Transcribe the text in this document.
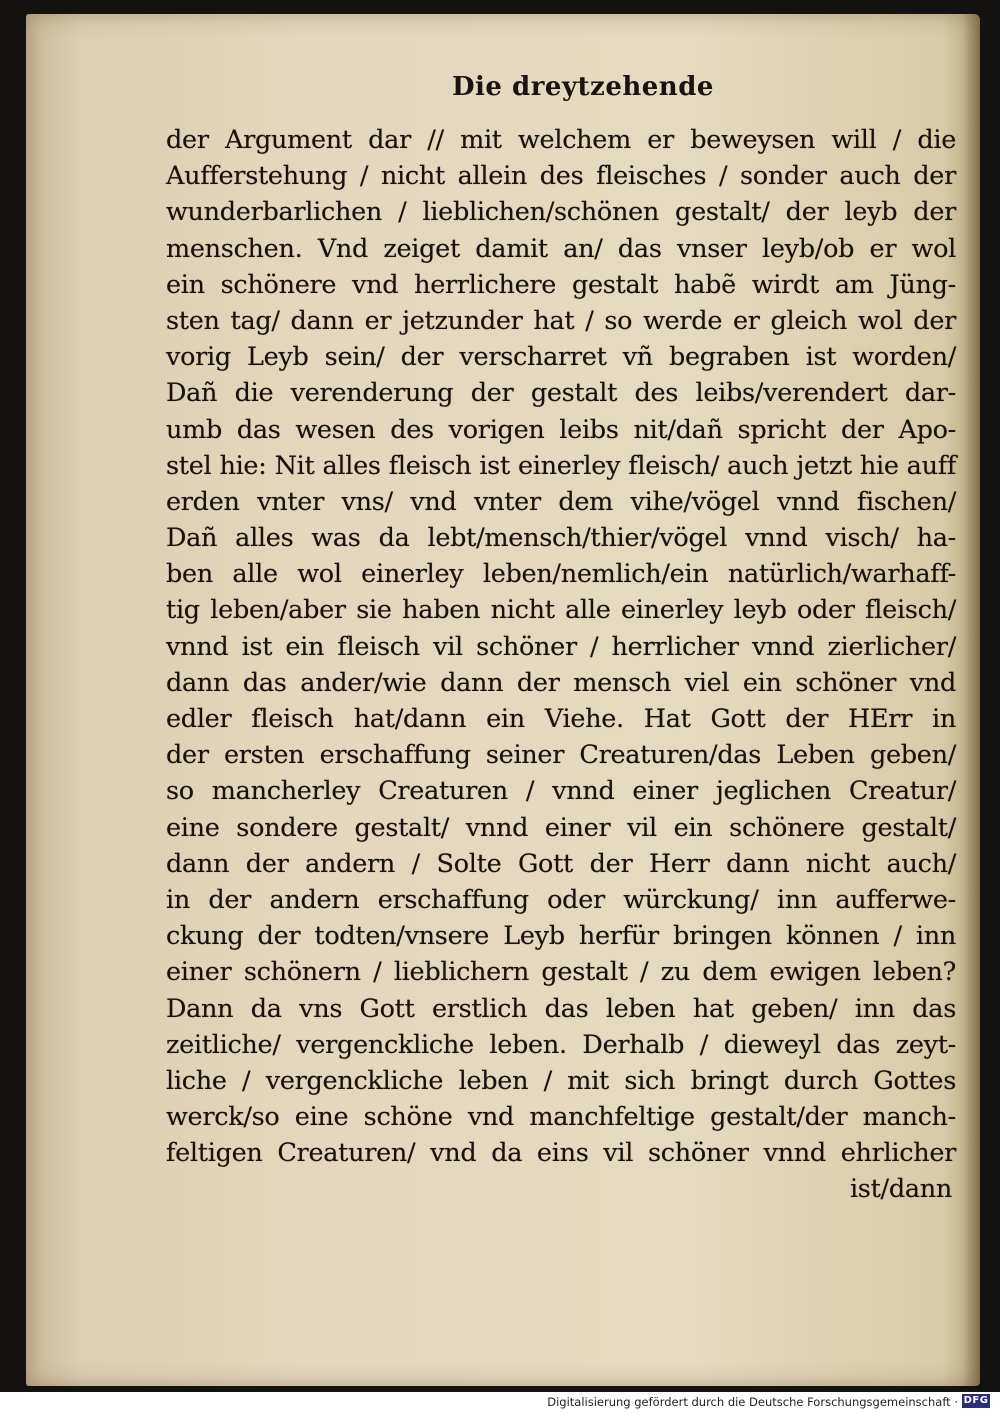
Die dreytzehende
der Argument dar // mit welchem er beweysen will / die
Aufferstehung / nicht allein des fleisches / sonder auch der
wunderbarlichen / lieblichen/schönen gestalt/ der leyb der
menschen. Vnd zeiget damit an/ das vnser leyb/ob er wol
ein schönere vnd herrlichere gestalt habẽ wirdt am Jüng-
sten tag/ dann er jetzunder hat / so werde er gleich wol der
vorig Leyb sein/ der verscharret vñ begraben ist worden/
Dañ die verenderung der gestalt des leibs/verendert dar-
umb das wesen des vorigen leibs nit/dañ spricht der Apo-
stel hie: Nit alles fleisch ist einerley fleisch/ auch jetzt hie auff
erden vnter vns/ vnd vnter dem vihe/vögel vnnd fischen/
Dañ alles was da lebt/mensch/thier/vögel vnnd visch/ ha-
ben alle wol einerley leben/nemlich/ein natürlich/warhaff-
tig leben/aber sie haben nicht alle einerley leyb oder fleisch/
vnnd ist ein fleisch vil schöner / herrlicher vnnd zierlicher/
dann das ander/wie dann der mensch viel ein schöner vnd
edler fleisch hat/dann ein Viehe. Hat Gott der HErr in
der ersten erschaffung seiner Creaturen/das Leben geben/
so mancherley Creaturen / vnnd einer jeglichen Creatur/
eine sondere gestalt/ vnnd einer vil ein schönere gestalt/
dann der andern / Solte Gott der Herr dann nicht auch/
in der andern erschaffung oder würckung/ inn aufferwe-
ckung der todten/vnsere Leyb herfür bringen können / inn
einer schönern / lieblichern gestalt / zu dem ewigen leben?
Dann da vns Gott erstlich das leben hat geben/ inn das
zeitliche/ vergenckliche leben. Derhalb / dieweyl das zeyt-
liche / vergenckliche leben / mit sich bringt durch Gottes
werck/so eine schöne vnd manchfeltige gestalt/der manch-
feltigen Creaturen/ vnd da eins vil schöner vnnd ehrlicher
ist/dann
Digitalisierung gefördert durch die Deutsche Forschungsgemeinschaft · DFG
